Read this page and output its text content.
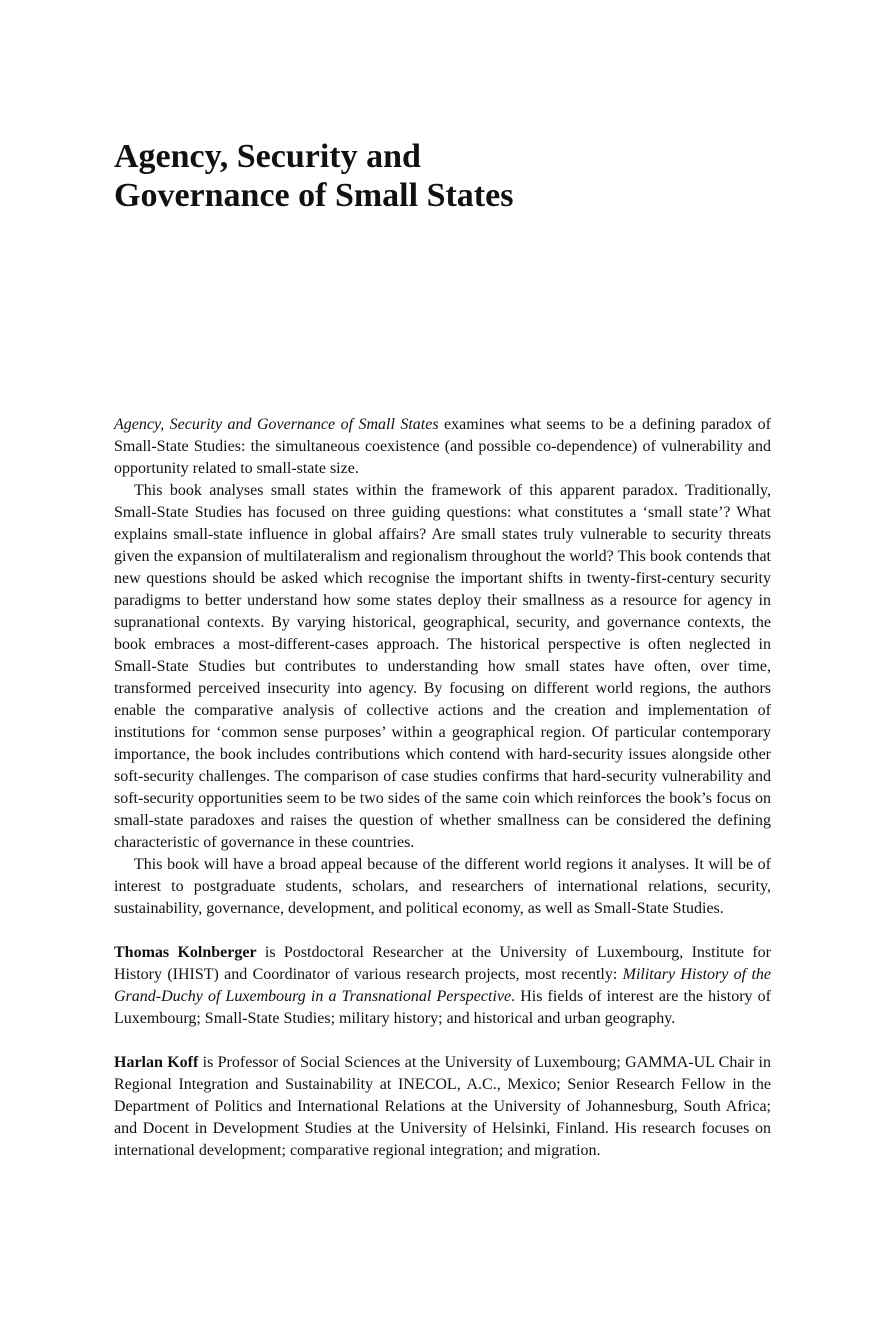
Agency, Security and
Governance of Small States

Agency, Security and Governance of Small States examines what seems to be a defining paradox of Small-State Studies: the simultaneous coexistence (and possible co-dependence) of vulnerability and opportunity related to small-state size.

This book analyses small states within the framework of this apparent paradox. Traditionally, Small-State Studies has focused on three guiding questions: what constitutes a ‘small state’? What explains small-state influence in global affairs? Are small states truly vulnerable to security threats given the expansion of multilateralism and regionalism throughout the world? This book contends that new questions should be asked which recognise the important shifts in twenty-first-century security paradigms to better understand how some states deploy their smallness as a resource for agency in supranational contexts. By varying historical, geographical, security, and governance contexts, the book embraces a most-different-cases approach. The historical perspective is often neglected in Small-State Studies but contributes to understanding how small states have often, over time, transformed perceived insecurity into agency. By focusing on different world regions, the authors enable the comparative analysis of collective actions and the creation and implementation of institutions for ‘common sense purposes’ within a geographical region. Of particular contemporary importance, the book includes contributions which contend with hard-security issues alongside other soft-security challenges. The comparison of case studies confirms that hard-security vulnerability and soft-security opportunities seem to be two sides of the same coin which reinforces the book’s focus on small-state paradoxes and raises the question of whether smallness can be considered the defining characteristic of governance in these countries.

This book will have a broad appeal because of the different world regions it analyses. It will be of interest to postgraduate students, scholars, and researchers of international relations, security, sustainability, governance, development, and political economy, as well as Small-State Studies.

Thomas Kolnberger is Postdoctoral Researcher at the University of Luxembourg, Institute for History (IHIST) and Coordinator of various research projects, most recently: Military History of the Grand-Duchy of Luxembourg in a Transnational Perspective. His fields of interest are the history of Luxembourg; Small-State Studies; military history; and historical and urban geography.

Harlan Koff is Professor of Social Sciences at the University of Luxembourg; GAMMA-UL Chair in Regional Integration and Sustainability at INECOL, A.C., Mexico; Senior Research Fellow in the Department of Politics and International Relations at the University of Johannesburg, South Africa; and Docent in Development Studies at the University of Helsinki, Finland. His research focuses on international development; comparative regional integration; and migration.
